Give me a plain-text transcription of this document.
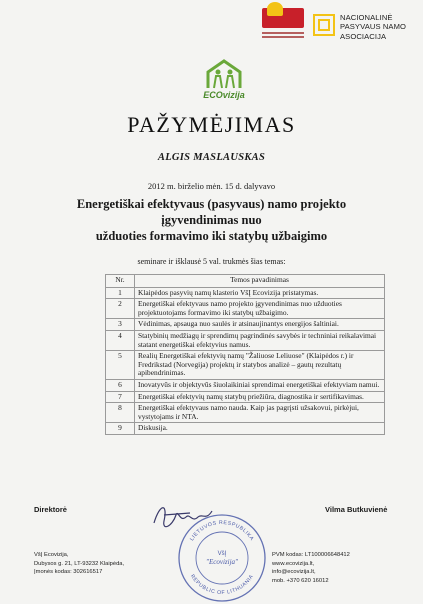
NACIONALINĖ
PASYVAUS NAMO
ASOCIACIJA
ECOvizija
PAŽYMĖJIMAS
ALGIS MASLAUSKAS
2012 m. birželio mėn. 15 d. dalyvavo
Energetiškai efektyvaus (pasyvaus) namo projekto
įgyvendinimas nuo
užduoties formavimo iki statybų užbaigimo
seminare ir išklausė 5 val. trukmės šias temas:
Nr.	Temos pavadinimas
1	Klaipėdos pasyvių namų klasterio VšĮ Ecovizija pristatymas.
2	Energetiškai efektyvaus namo projekto įgyvendinimas nuo užduoties projektuotojams formavimo iki statybų užbaigimo.
3	Vėdinimas, apsauga nuo saulės ir atsinaujinantys energijos šaltiniai.
4	Statybinių medžiagų ir sprendimų pagrindinės savybės ir techniniai reikalavimai statant energetiškai efektyvius namus.
5	Realių Energetiškai efektyvių namų "Žaliuose Leliuose" (Klaipėdos r.) ir Fredrikstad (Norvegija) projektų ir statybos analizė – gautų rezultatų apibendrinimas.
6	Inovatyvūs ir objektyvūs šiuolaikiniai sprendimai energetiškai efektyviam namui.
7	Energetiškai efektyvių namų statybų priežiūra, diagnostika ir sertifikavimas.
8	Energetiškai efektyvaus namo nauda. Kaip jas pagrįsti užsakovui, pirkėjui, vystytojams ir NTA.
9	Diskusija.
Direktorė	Vilma Butkuvienė
VšĮ Ecovizija,
Dubysos g. 21, LT-93232 Klaipėda,
Įmonės kodas: 302616517
PVM kodas: LT100006648412
www.ecovizija.lt,
info@ecovizija.lt,
mob. +370 620 16012
LIETUVOS RESPUBLIKA
REPUBLIC OF LITHUANIA
VšĮ
"Ecovizija"
